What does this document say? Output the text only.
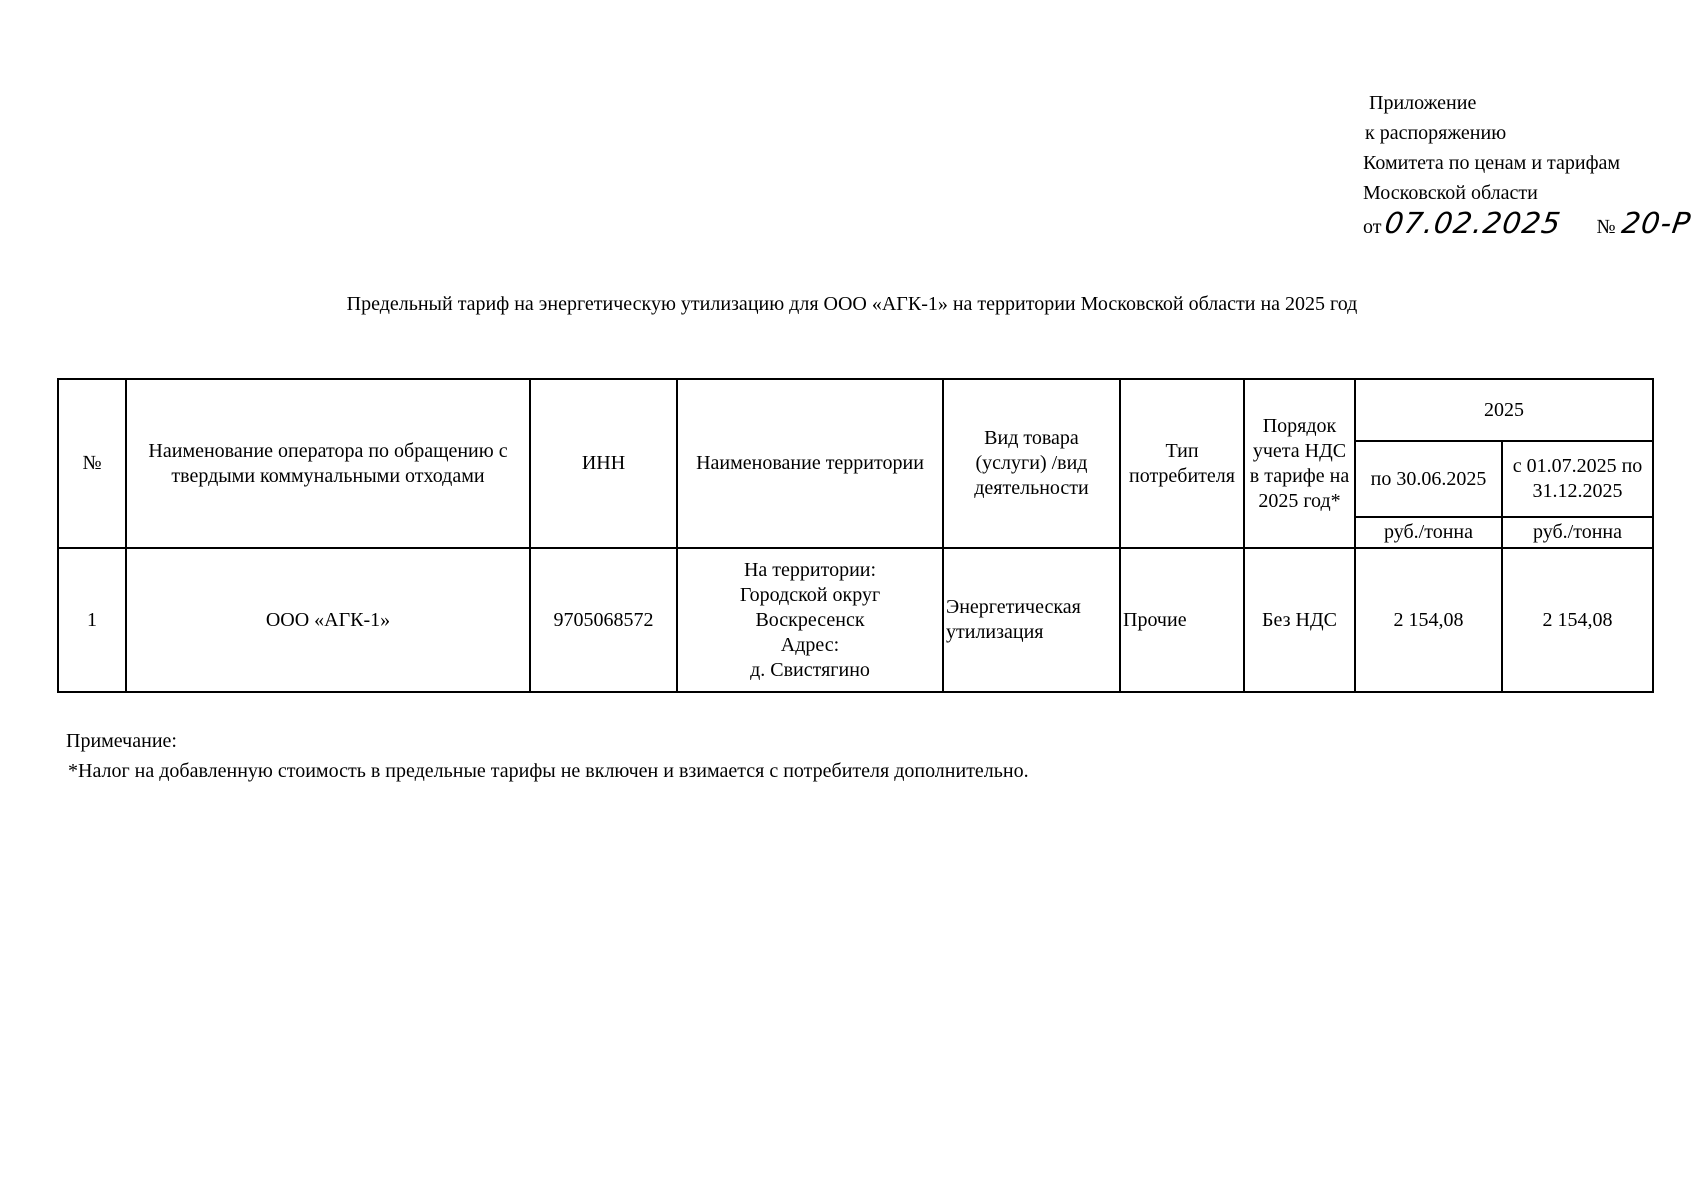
Приложение
к распоряжению
Комитета по ценам и тарифам
Московской области
от07.02.2025 № 20-Р
Предельный тариф на энергетическую утилизацию для ООО «АГК-1» на территории Московской области на 2025 год
№	Наименование оператора по обращению с твердыми коммунальными отходами	ИНН	Наименование территории	Вид товара (услуги) /вид деятельности	Тип потребителя	Порядок учета НДС в тарифе на 2025 год*	2025	
							по 30.06.2025	с 01.07.2025 по 31.12.2025
							руб./тонна	руб./тонна
1	ООО «АГК-1»	9705068572	На территории:
Городской округ
Воскресенск
Адрес:
д. Свистягино	Энергетическая утилизация	Прочие	Без НДС	2 154,08	2 154,08
Примечание:
*Налог на добавленную стоимость в предельные тарифы не включен и взимается с потребителя дополнительно.
